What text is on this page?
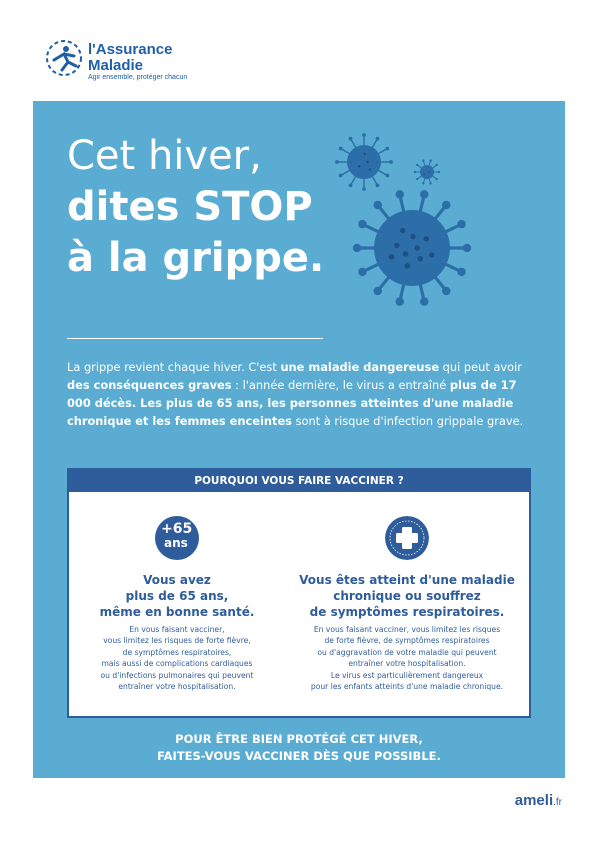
l'Assurance
Maladie
Agir ensemble, protéger chacun
Cet hiver,
dites STOP
à la grippe.
La grippe revient chaque hiver. C'est une maladie dangereuse qui peut avoir des conséquences graves : l'année dernière, le virus a entraîné plus de 17 000 décès. Les plus de 65 ans, les personnes atteintes d'une maladie chronique et les femmes enceintes sont à risque d'infection grippale grave.
POURQUOI VOUS FAIRE VACCINER ?
+65
ans
Vous avez
plus de 65 ans,
même en bonne santé.
En vous faisant vacciner,
vous limitez les risques de forte fièvre,
de symptômes respiratoires,
mais aussi de complications cardiaques
ou d'infections pulmonaires qui peuvent
entraîner votre hospitalisation.
Vous êtes atteint d'une maladie
chronique ou souffrez
de symptômes respiratoires.
En vous faisant vacciner, vous limitez les risques
de forte fièvre, de symptômes respiratoires
ou d'aggravation de votre maladie qui peuvent
entraîner votre hospitalisation.
Le virus est particulièrement dangereux
pour les enfants atteints d'une maladie chronique.
POUR ÊTRE BIEN PROTÉGÉ CET HIVER,
FAITES-VOUS VACCINER DÈS QUE POSSIBLE.
ameli.fr
